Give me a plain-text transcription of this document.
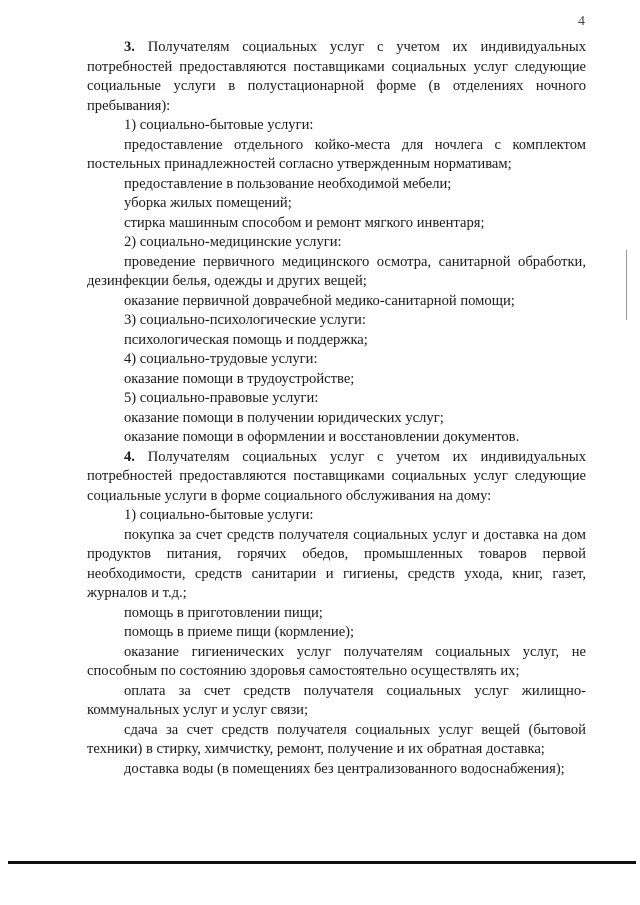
4

3. Получателям социальных услуг с учетом их индивидуальных потребностей предоставляются поставщиками социальных услуг следующие социальные услуги в полустационарной форме (в отделениях ночного пребывания):

1) социально-бытовые услуги:

предоставление отдельного койко-места для ночлега с комплектом постельных принадлежностей согласно утвержденным нормативам;

предоставление в пользование необходимой мебели;

уборка жилых помещений;

стирка машинным способом и ремонт мягкого инвентаря;

2) социально-медицинские услуги:

проведение первичного медицинского осмотра, санитарной обработки, дезинфекции белья, одежды и других вещей;

оказание первичной доврачебной медико-санитарной помощи;

3) социально-психологические услуги:

психологическая помощь и поддержка;

4) социально-трудовые услуги:

оказание помощи в трудоустройстве;

5) социально-правовые услуги:

оказание помощи в получении юридических услуг;

оказание помощи в оформлении и восстановлении документов.

4. Получателям социальных услуг с учетом их индивидуальных потребностей предоставляются поставщиками социальных услуг следующие социальные услуги в форме социального обслуживания на дому:

1) социально-бытовые услуги:

покупка за счет средств получателя социальных услуг и доставка на дом продуктов питания, горячих обедов, промышленных товаров первой необходимости, средств санитарии и гигиены, средств ухода, книг, газет, журналов и т.д.;

помощь в приготовлении пищи;

помощь в приеме пищи (кормление);

оказание гигиенических услуг получателям социальных услуг, не способным по состоянию здоровья самостоятельно осуществлять их;

оплата за счет средств получателя социальных услуг жилищно-коммунальных услуг и услуг связи;

сдача за счет средств получателя социальных услуг вещей (бытовой техники) в стирку, химчистку, ремонт, получение и их обратная доставка;

доставка воды (в помещениях без централизованного водоснабжения);
